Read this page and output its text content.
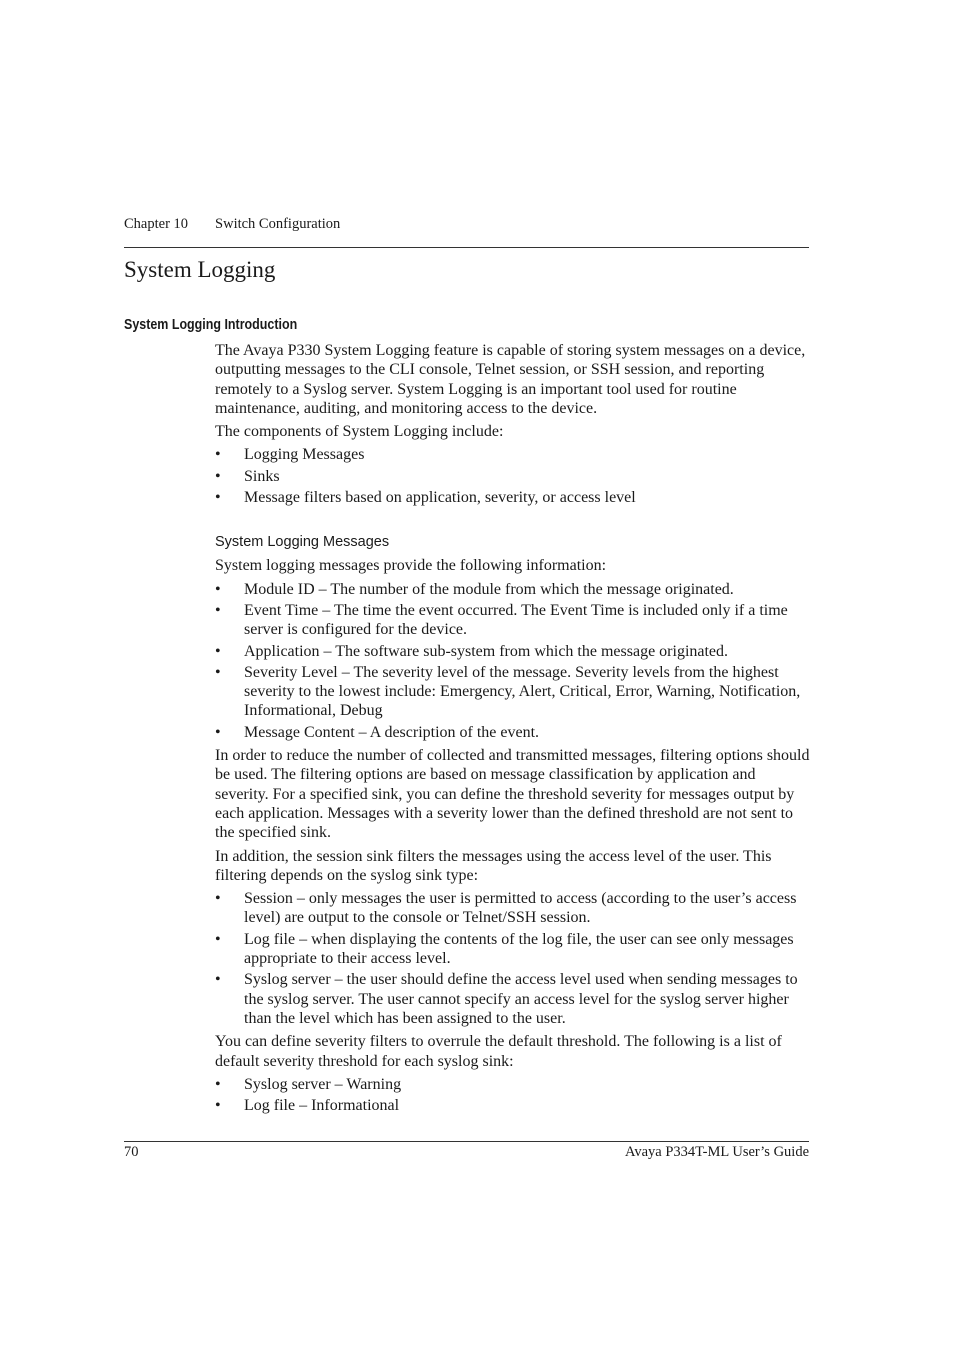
Chapter 10 Switch Configuration
System Logging
System Logging Introduction

The Avaya P330 System Logging feature is capable of storing system messages on a device, outputting messages to the CLI console, Telnet session, or SSH session, and reporting remotely to a Syslog server. System Logging is an important tool used for routine maintenance, auditing, and monitoring access to the device.

The components of System Logging include:

• Logging Messages
• Sinks
• Message filters based on application, severity, or access level
System Logging Messages

System logging messages provide the following information:

• Module ID – The number of the module from which the message originated.
• Event Time – The time the event occurred. The Event Time is included only if a time server is configured for the device.
• Application – The software sub-system from which the message originated.
• Severity Level – The severity level of the message. Severity levels from the highest severity to the lowest include: Emergency, Alert, Critical, Error, Warning, Notification, Informational, Debug
• Message Content – A description of the event.

In order to reduce the number of collected and transmitted messages, filtering options should be used. The filtering options are based on message classification by application and severity. For a specified sink, you can define the threshold severity for messages output by each application. Messages with a severity lower than the defined threshold are not sent to the specified sink.

In addition, the session sink filters the messages using the access level of the user. This filtering depends on the syslog sink type:

• Session – only messages the user is permitted to access (according to the user’s access level) are output to the console or Telnet/SSH session.
• Log file – when displaying the contents of the log file, the user can see only messages appropriate to their access level.
• Syslog server – the user should define the access level used when sending messages to the syslog server. The user cannot specify an access level for the syslog server higher than the level which has been assigned to the user.

You can define severity filters to overrule the default threshold. The following is a list of default severity threshold for each syslog sink:

• Syslog server – Warning
• Log file – Informational
70	Avaya P334T-ML User’s Guide
